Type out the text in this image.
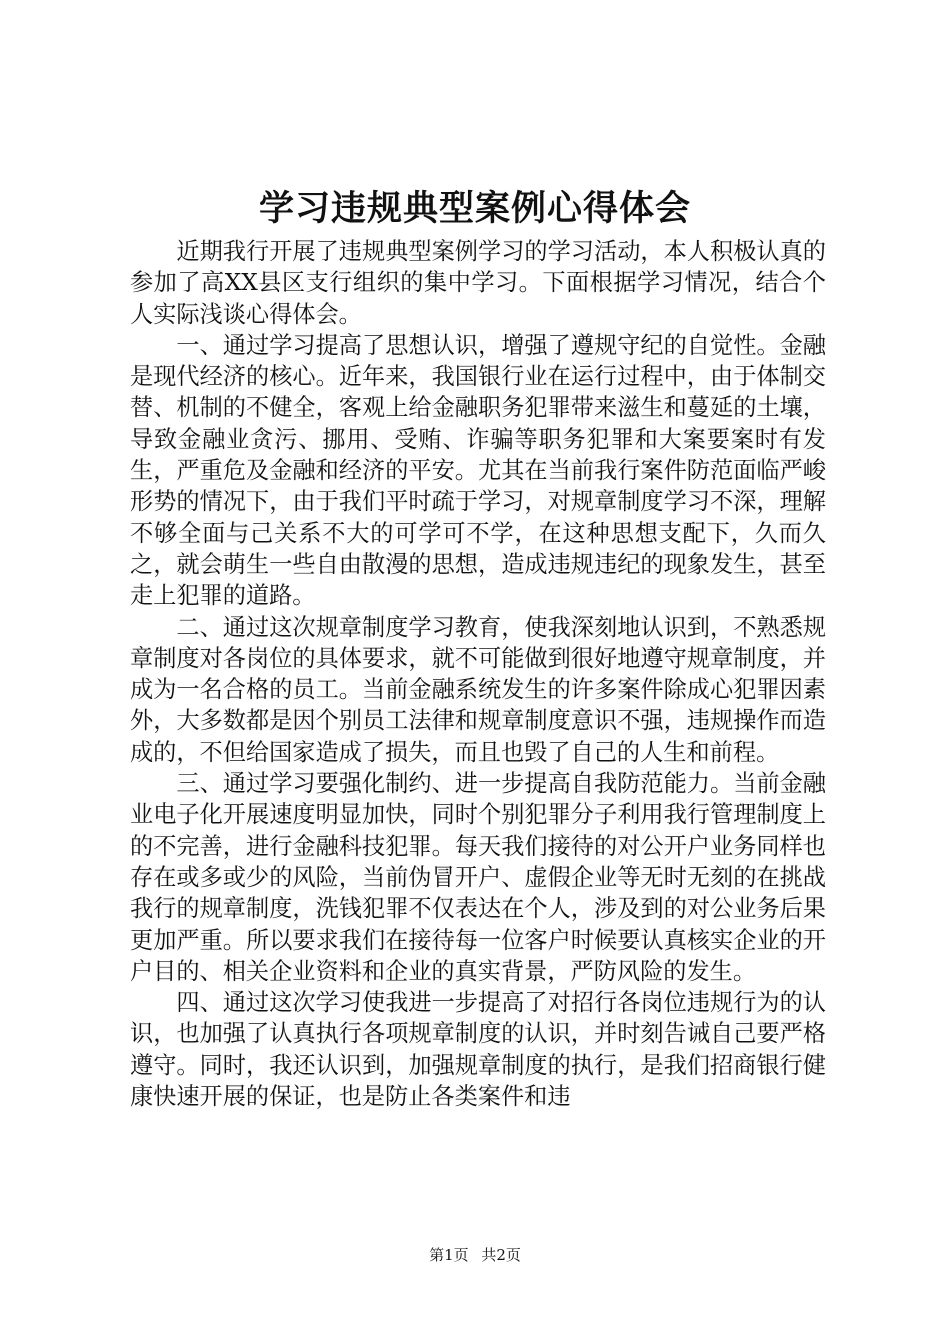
学习违规典型案例心得体会

近期我行开展了违规典型案例学习的学习活动，本人积极认真的参加了高XX县区支行组织的集中学习。下面根据学习情况，结合个人实际浅谈心得体会。

一、通过学习提高了思想认识，增强了遵规守纪的自觉性。金融是现代经济的核心。近年来，我国银行业在运行过程中，由于体制交替、机制的不健全，客观上给金融职务犯罪带来滋生和蔓延的土壤，导致金融业贪污、挪用、受贿、诈骗等职务犯罪和大案要案时有发生，严重危及金融和经济的平安。尤其在当前我行案件防范面临严峻形势的情况下，由于我们平时疏于学习，对规章制度学习不深，理解不够全面与己关系不大的可学可不学，在这种思想支配下，久而久之，就会萌生一些自由散漫的思想，造成违规违纪的现象发生，甚至走上犯罪的道路。

二、通过这次规章制度学习教育，使我深刻地认识到，不熟悉规章制度对各岗位的具体要求，就不可能做到很好地遵守规章制度，并成为一名合格的员工。当前金融系统发生的许多案件除成心犯罪因素外，大多数都是因个别员工法律和规章制度意识不强，违规操作而造成的，不但给国家造成了损失，而且也毁了自己的人生和前程。

三、通过学习要强化制约、进一步提高自我防范能力。当前金融业电子化开展速度明显加快，同时个别犯罪分子利用我行管理制度上的不完善，进行金融科技犯罪。每天我们接待的对公开户业务同样也存在或多或少的风险，当前伪冒开户、虚假企业等无时无刻的在挑战我行的规章制度，洗钱犯罪不仅表达在个人，涉及到的对公业务后果更加严重。所以要求我们在接待每一位客户时候要认真核实企业的开户目的、相关企业资料和企业的真实背景，严防风险的发生。

四、通过这次学习使我进一步提高了对招行各岗位违规行为的认识，也加强了认真执行各项规章制度的认识，并时刻告诫自己要严格遵守。同时，我还认识到，加强规章制度的执行，是我们招商银行健康快速开展的保证，也是防止各类案件和违

第1页 共2页
